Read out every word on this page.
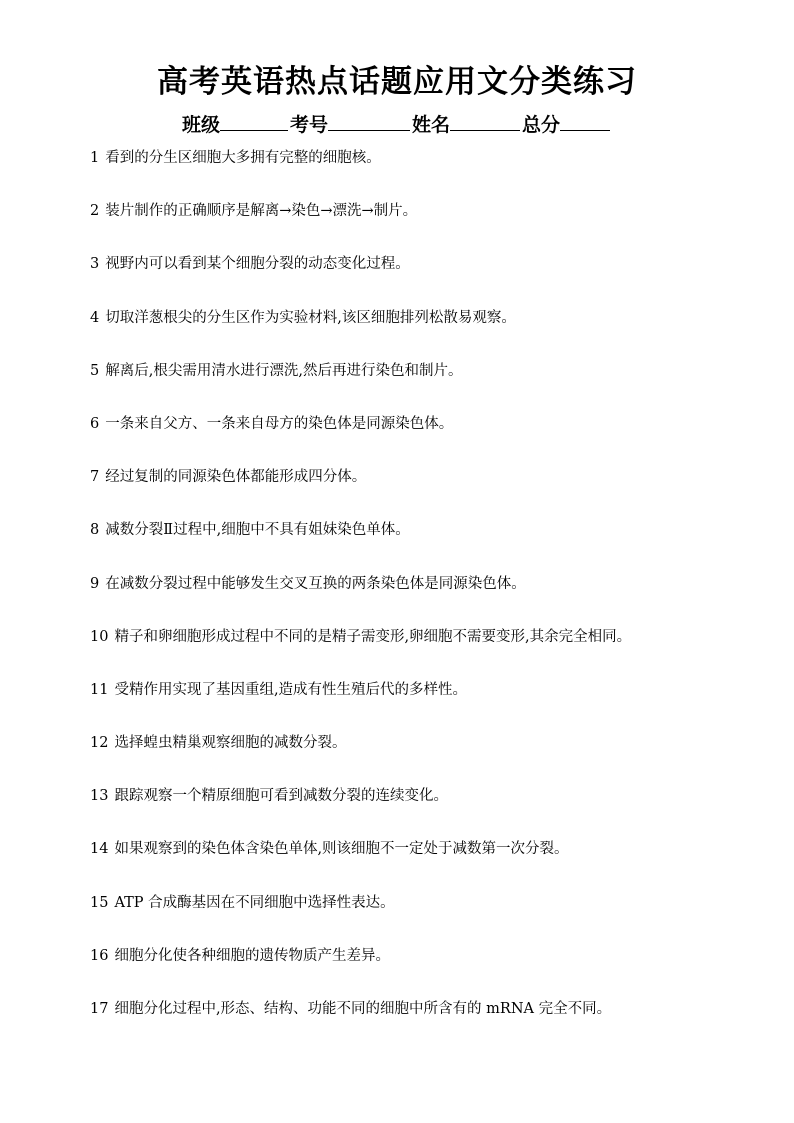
高考英语热点话题应用文分类练习
班级	考号	姓名	总分
1 看到的分生区细胞大多拥有完整的细胞核。
2 装片制作的正确顺序是解离→染色→漂洗→制片。
3 视野内可以看到某个细胞分裂的动态变化过程。
4 切取洋葱根尖的分生区作为实验材料,该区细胞排列松散易观察。
5 解离后,根尖需用清水进行漂洗,然后再进行染色和制片。
6 一条来自父方、一条来自母方的染色体是同源染色体。
7 经过复制的同源染色体都能形成四分体。
8 减数分裂Ⅱ过程中,细胞中不具有姐妹染色单体。
9 在减数分裂过程中能够发生交叉互换的两条染色体是同源染色体。
10 精子和卵细胞形成过程中不同的是精子需变形,卵细胞不需要变形,其余完全相同。
11 受精作用实现了基因重组,造成有性生殖后代的多样性。
12 选择蝗虫精巢观察细胞的减数分裂。
13 跟踪观察一个精原细胞可看到减数分裂的连续变化。
14 如果观察到的染色体含染色单体,则该细胞不一定处于减数第一次分裂。
15 ATP 合成酶基因在不同细胞中选择性表达。
16 细胞分化使各种细胞的遗传物质产生差异。
17 细胞分化过程中,形态、结构、功能不同的细胞中所含有的 mRNA 完全不同。
